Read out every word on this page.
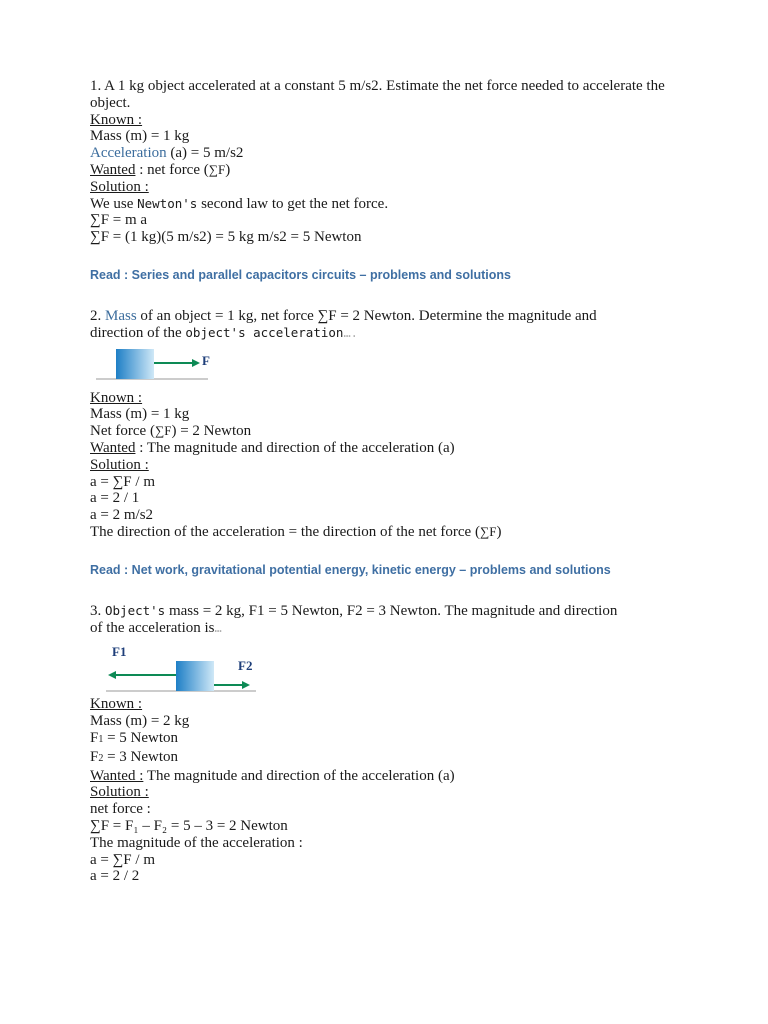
1. A 1 kg object accelerated at a constant 5 m/s2. Estimate the net force needed to accelerate the object.
Known :
Mass (m) = 1 kg
Acceleration (a) = 5 m/s2
Wanted : net force (∑F)
Solution :
We use Newton's second law to get the net force.
∑F = m a
∑F = (1 kg)(5 m/s2) = 5 kg m/s2 = 5 Newton
Read : Series and parallel capacitors circuits – problems and solutions
2. Mass of an object = 1 kg, net force ∑F = 2 Newton. Determine the magnitude and
direction of the object's acceleration….
F
Known :
Mass (m) = 1 kg
Net force (∑F) = 2 Newton
Wanted : The magnitude and direction of the acceleration (a)
Solution :
a = ∑F / m
a = 2 / 1
a = 2 m/s2
The direction of the acceleration = the direction of the net force (∑F)
Read : Net work, gravitational potential energy, kinetic energy – problems and solutions
3. Object's mass = 2 kg, F1 = 5 Newton, F2 = 3 Newton. The magnitude and direction
of the acceleration is…
F1
F2
Known :
Mass (m) = 2 kg
F1 = 5 Newton
F2 = 3 Newton
Wanted : The magnitude and direction of the acceleration (a)
Solution :
net force :
∑F = F₁ – F₂ = 5 – 3 = 2 Newton
The magnitude of the acceleration :
a = ∑F / m
a = 2 / 2
